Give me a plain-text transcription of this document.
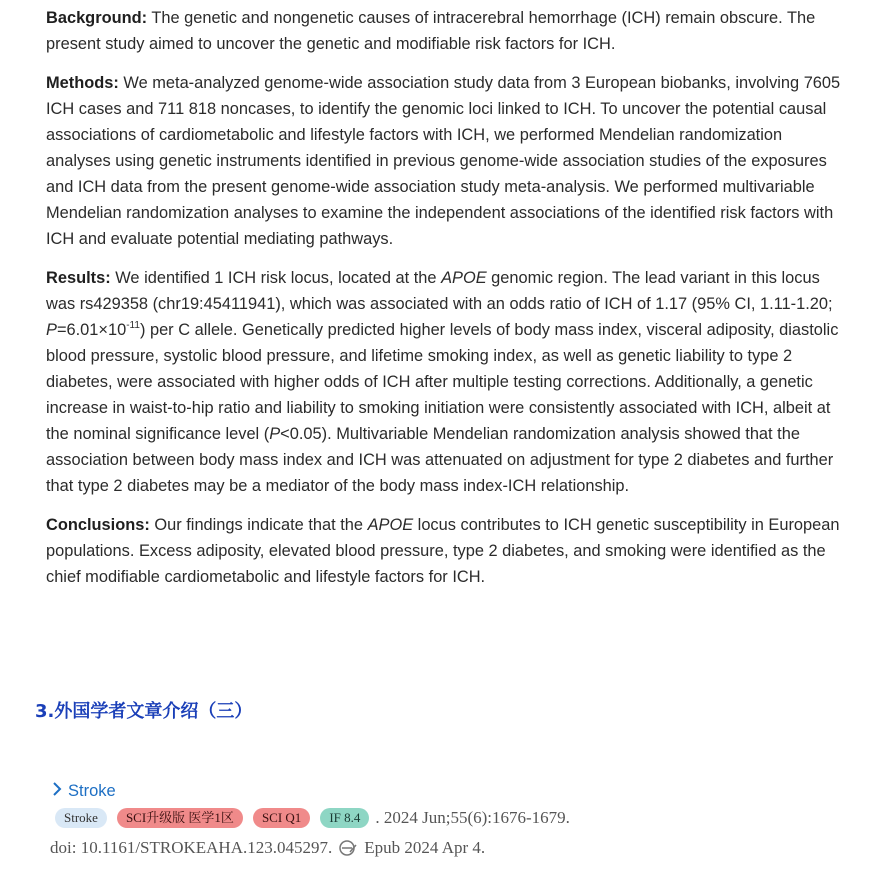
Background: The genetic and nongenetic causes of intracerebral hemorrhage (ICH) remain obscure. The present study aimed to uncover the genetic and modifiable risk factors for ICH.

Methods: We meta-analyzed genome-wide association study data from 3 European biobanks, involving 7605 ICH cases and 711 818 noncases, to identify the genomic loci linked to ICH. To uncover the potential causal associations of cardiometabolic and lifestyle factors with ICH, we performed Mendelian randomization analyses using genetic instruments identified in previous genome-wide association studies of the exposures and ICH data from the present genome-wide association study meta-analysis. We performed multivariable Mendelian randomization analyses to examine the independent associations of the identified risk factors with ICH and evaluate potential mediating pathways.

Results: We identified 1 ICH risk locus, located at the APOE genomic region. The lead variant in this locus was rs429358 (chr19:45411941), which was associated with an odds ratio of ICH of 1.17 (95% CI, 1.11-1.20; $P=6.01\times 10^{-11}$) per C allele. Genetically predicted higher levels of body mass index, visceral adiposity, diastolic blood pressure, systolic blood pressure, and lifetime smoking index, as well as genetic liability to type 2 diabetes, were associated with higher odds of ICH after multiple testing corrections. Additionally, a genetic increase in waist-to-hip ratio and liability to smoking initiation were consistently associated with ICH, albeit at the nominal significance level (P<0.05). Multivariable Mendelian randomization analysis showed that the association between body mass index and ICH was attenuated on adjustment for type 2 diabetes and further that type 2 diabetes may be a mediator of the body mass index-ICH relationship.

Conclusions: Our findings indicate that the APOE locus contributes to ICH genetic susceptibility in European populations. Excess adiposity, elevated blood pressure, type 2 diabetes, and smoking were identified as the chief modifiable cardiometabolic and lifestyle factors for ICH.

3.外国学者文章介绍（三）
Stroke
Stroke	SCI升级版 医学1区	SCI Q1	IF 8.4 . 2024 Jun;55(6):1676-1679.
doi: 10.1161/STROKEAHA.123.045297. Epub 2024 Apr 4.
